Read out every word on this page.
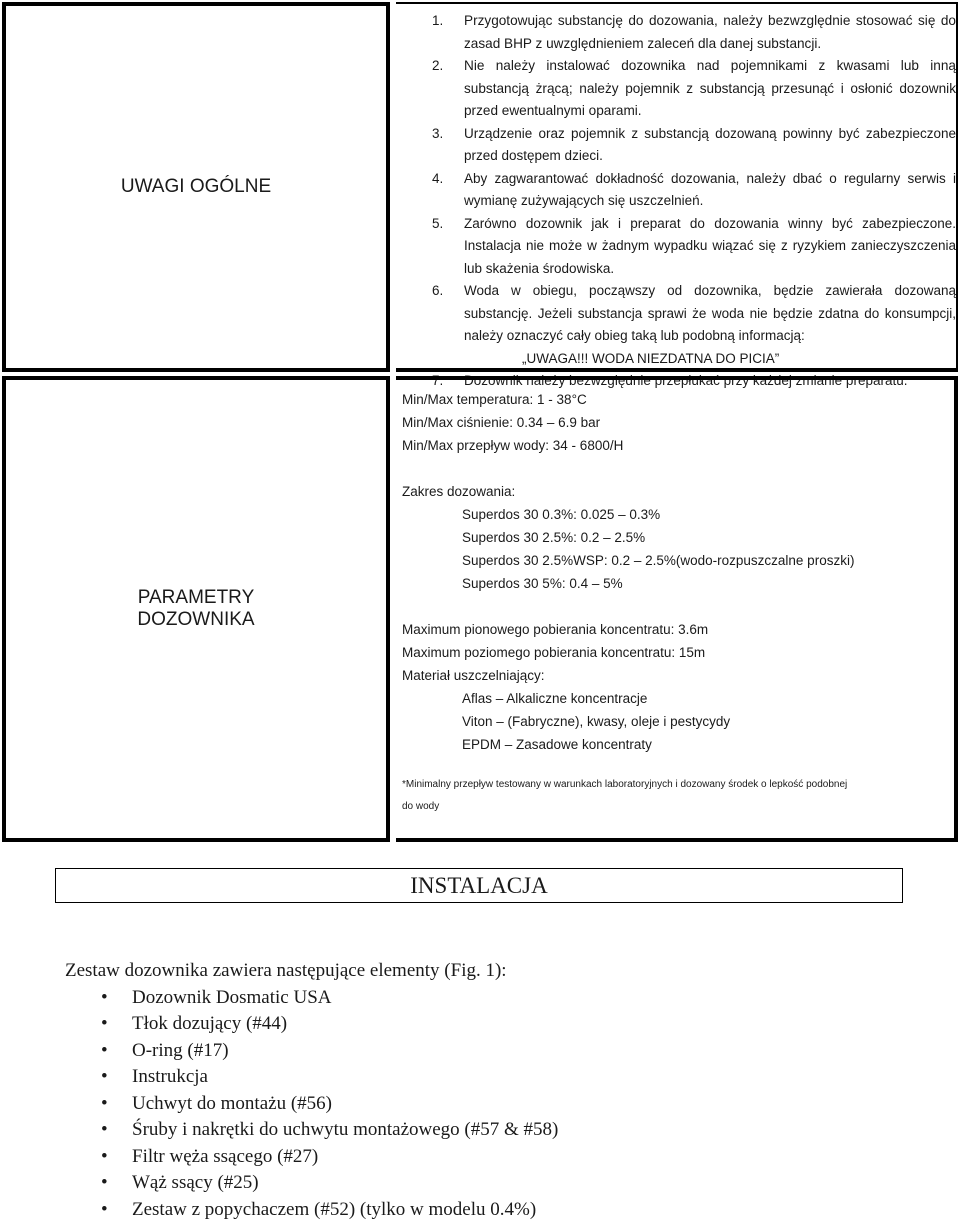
UWAGI OGÓLNE
1.	Przygotowując substancję do dozowania, należy bezwzględnie stosować się do zasad BHP z uwzględnieniem zaleceń dla danej substancji.
2.	Nie należy instalować dozownika nad pojemnikami z kwasami lub inną substancją żrącą; należy pojemnik z substancją przesunąć i osłonić dozownik przed ewentualnymi oparami.
3.	Urządzenie oraz pojemnik z substancją dozowaną powinny być zabezpieczone przed dostępem dzieci.
4.	Aby zagwarantować dokładność dozowania, należy dbać o regularny serwis i wymianę zużywających się uszczelnień.
5.	Zarówno dozownik jak i preparat do dozowania winny być zabezpieczone. Instalacja nie może w żadnym wypadku wiązać się z ryzykiem zanieczyszczenia lub skażenia środowiska.
6.	Woda w obiegu, począwszy od dozownika, będzie zawierała dozowaną substancję. Jeżeli substancja sprawi że woda nie będzie zdatna do konsumpcji, należy oznaczyć cały obieg taką lub podobną informacją:
„UWAGA!!! WODA NIEZDATNA DO PICIA”
7.	Dozownik należy bezwzględnie przepłukać przy każdej zmianie preparatu.
PARAMETRY DOZOWNIKA
Min/Max temperatura: 1 - 38°C
Min/Max ciśnienie: 0.34 – 6.9 bar
Min/Max przepływ wody: 34 - 6800/H
Zakres dozowania:
Superdos 30 0.3%: 0.025 – 0.3%
Superdos 30 2.5%: 0.2 – 2.5%
Superdos 30 2.5%WSP: 0.2 – 2.5%(wodo-rozpuszczalne proszki)
Superdos 30 5%: 0.4 – 5%
Maximum pionowego pobierania koncentratu: 3.6m
Maximum poziomego pobierania koncentratu: 15m
Materiał uszczelniający:
Aflas – Alkaliczne koncentracje
Viton – (Fabryczne), kwasy, oleje i pestycydy
EPDM – Zasadowe koncentraty
*Minimalny przepływ testowany w warunkach laboratoryjnych i dozowany środek o lepkość podobnej
do wody
INSTALACJA
Zestaw dozownika zawiera następujące elementy (Fig. 1):
• Dozownik Dosmatic USA
• Tłok dozujący (#44)
• O-ring (#17)
• Instrukcja
• Uchwyt do montażu (#56)
• Śruby i nakrętki do uchwytu montażowego (#57 & #58)
• Filtr węża ssącego (#27)
• Wąż ssący (#25)
• Zestaw z popychaczem (#52) (tylko w modelu 0.4%)
